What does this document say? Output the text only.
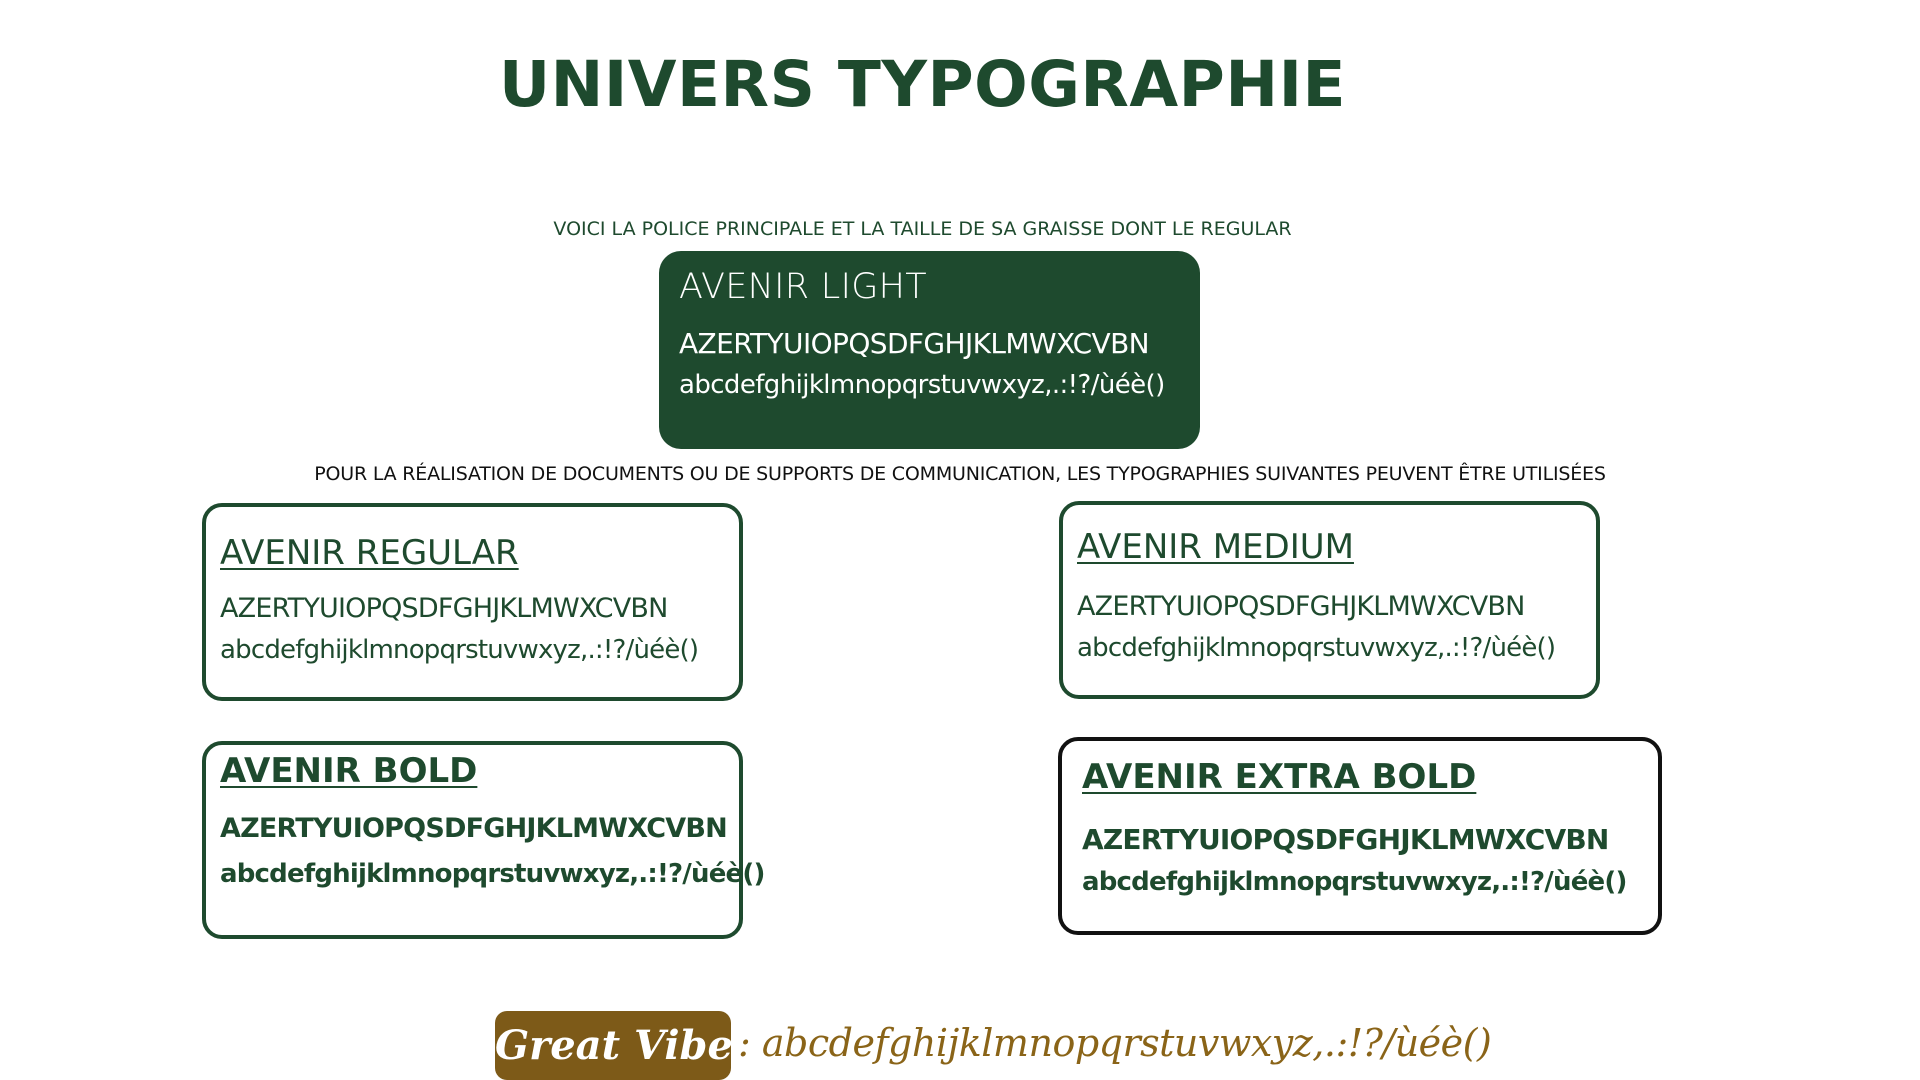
UNIVERS TYPOGRAPHIE
VOICI LA POLICE PRINCIPALE ET LA TAILLE DE SA GRAISSE DONT LE REGULAR
AVENIR LIGHT
AZERTYUIOPQSDFGHJKLMWXCVBN
abcdefghijklmnopqrstuvwxyz,.:!?/ùéè()
POUR LA RÉALISATION DE DOCUMENTS OU DE SUPPORTS DE COMMUNICATION, LES TYPOGRAPHIES SUIVANTES PEUVENT ÊTRE UTILISÉES
AVENIR REGULAR
AZERTYUIOPQSDFGHJKLMWXCVBN
abcdefghijklmnopqrstuvwxyz,.:!?/ùéè()
AVENIR MEDIUM
AZERTYUIOPQSDFGHJKLMWXCVBN
abcdefghijklmnopqrstuvwxyz,.:!?/ùéè()
AVENIR BOLD
AZERTYUIOPQSDFGHJKLMWXCVBN
abcdefghijklmnopqrstuvwxyz,.:!?/ùéè()
AVENIR EXTRA BOLD
AZERTYUIOPQSDFGHJKLMWXCVBN
abcdefghijklmnopqrstuvwxyz,.:!?/ùéè()
Great Vibes
: abcdefghijklmnopqrstuvwxyz,.:!?/ùéè()
